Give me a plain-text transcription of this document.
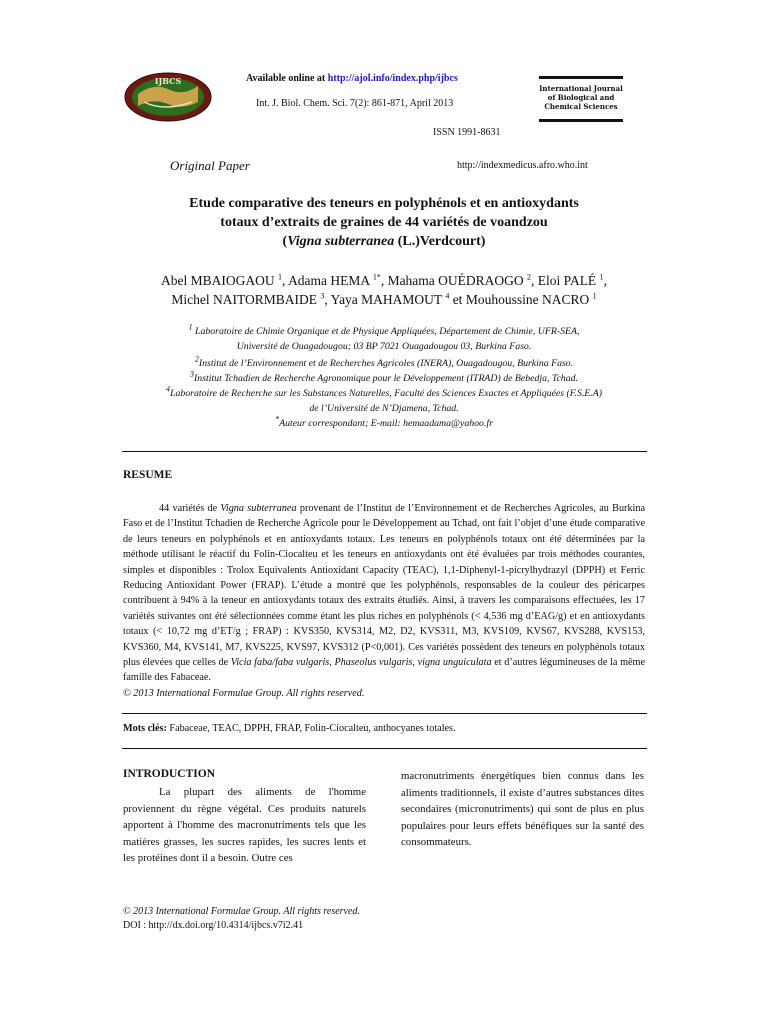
IJBCS	Available online at http://ajol.info/index.php/ijbcs
Int. J. Biol. Chem. Sci. 7(2): 861-871, April 2013
ISSN 1991-8631
International Journal
of Biological and
Chemical Sciences
Original Paper	http://indexmedicus.afro.who.int
Etude comparative des teneurs en polyphénols et en antioxydants
totaux d’extraits de graines de 44 variétés de voandzou
(Vigna subterranea (L.)Verdcourt)
Abel MBAIOGAOU $^1$, Adama HEMA $^{1*}$, Mahama OUÉDRAOGO $^2$, Eloi PALÉ $^1$,
Michel NAITORMBAIDE $^3$, Yaya MAHAMOUT $^4$ et Mouhoussine NACRO $^1$
$^1$ Laboratoire de Chimie Organique et de Physique Appliquées, Département de Chimie, UFR-SEA,
Université de Ouagadougou; 03 BP 7021 Ouagadougou 03, Burkina Faso.
$^2$Institut de l’Environnement et de Recherches Agricoles (INERA), Ouagadougou, Burkina Faso.
$^3$Institut Tchadien de Recherche Agronomique pour le Développement (ITRAD) de Bebedja, Tchad.
$^4$Laboratoire de Recherche sur les Substances Naturelles, Faculté des Sciences Exactes et Appliquées (F.S.E.A)
de l’Université de N’Djamena, Tchad.
*Auteur correspondant; E-mail: hemaadama@yahoo.fr
RESUME

44 variétés de Vigna subterranea provenant de l’Institut de l’Environnement et de Recherches Agricoles, au Burkina Faso et de l’Institut Tchadien de Recherche Agricole pour le Développement au Tchad, ont fait l’objet d’une étude comparative de leurs teneurs en polyphénols et en antioxydants totaux. Les teneurs en polyphénols totaux ont été déterminées par la méthode utilisant le réactif du Folin-Ciocalteu et les teneurs en antioxydants ont été évaluées par trois méthodes courantes, simples et disponibles : Trolox Equivalents Antioxidant Capacity (TEAC), 1,1-Diphenyl-1-picrylhydrazyl (DPPH) et Ferric Reducing Antioxidant Power (FRAP). L’étude a montré que les polyphénols, responsables de la couleur des péricarpes contribuent à 94% à la teneur en antioxydants totaux des extraits étudiés. Ainsi, à travers les comparaisons effectuées, les 17 variétés suivantes ont été sélectionnées comme étant les plus riches en polyphénols (< 4,536 mg d’EAG/g) et en antioxydants totaux (< 10,72 mg d’ET/g ; FRAP) : KVS350, KVS314, M2, D2, KVS311, M3, KVS109, KVS67, KVS288, KVS153, KVS360, M4, KVS141, M7, KVS225, KVS97, KVS312 (P<0,001). Ces variétés possèdent des teneurs en polyphénols totaux plus élevées que celles de Vicia faba/faba vulgaris, Phaseolus vulgaris, vigna unguiculata et d’autres légumineuses de la même famille des Fabaceae.

© 2013 International Formulae Group. All rights reserved.

Mots clés: Fabaceae, TEAC, DPPH, FRAP, Folin-Ciocalteu, anthocyanes totales.
INTRODUCTION

La plupart des aliments de l'homme proviennent du règne végétal. Ces produits naturels apportent à l'homme des macronutriments tels que les matières grasses, les sucres rapides, les sucres lents et les protéines dont il a besoin. Outre ces

macronutriments énergétiques bien connus dans les aliments traditionnels, il existe d’autres substances dites secondaires (micronutriments) qui sont de plus en plus populaires pour leurs effets bénéfiques sur la santé des consommateurs.

© 2013 International Formulae Group. All rights reserved.
DOI : http://dx.doi.org/10.4314/ijbcs.v7i2.41
